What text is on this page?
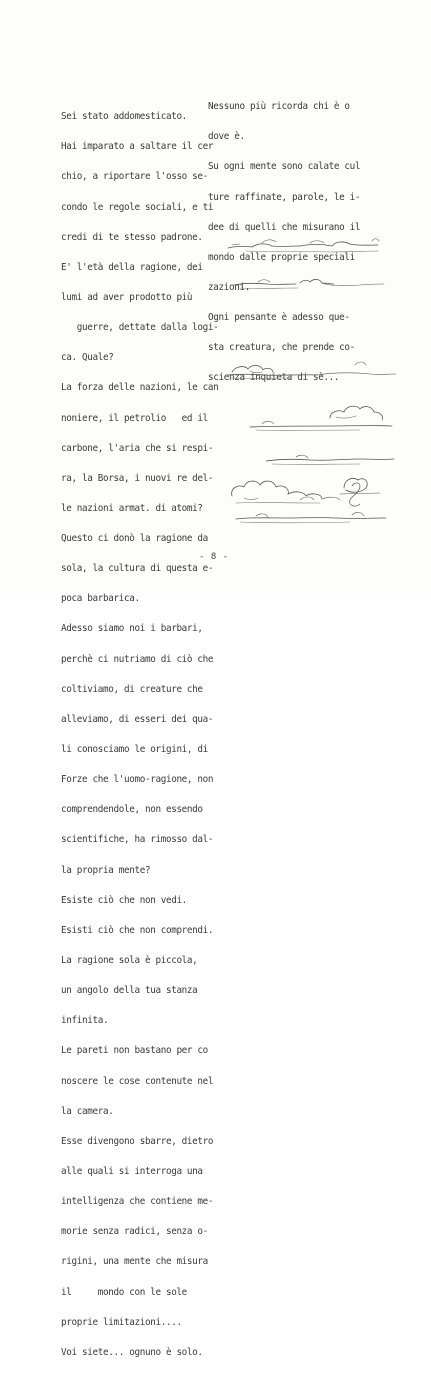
Sei stato addomesticato.

Hai imparato a saltare il cer

chio, a riportare l'osso se-

condo le regole sociali, e ti

credi di te stesso padrone.

E' l'età della ragione, dei

lumi ad aver prodotto più

guerre, dettate dalla logi-

ca. Quale?

La forza delle nazioni, le can

noniere, il petrolio   ed il

carbone, l'aria che si respi-

ra, la Borsa, i nuovi re del-

le nazioni armat. di atomi?

Questo ci donò la ragione da

sola, la cultura di questa e-

poca barbarica.

Adesso siamo noi i barbari,

perchè ci nutriamo di ciò che

coltiviamo, di creature che

alleviamo, di esseri dei qua-

li conosciamo le origini, di

Forze che l'uomo-ragione, non

comprendendole, non essendo

scientifiche, ha rimosso dal-

la propria mente?

Esiste ciò che non vedi.

Esisti ciò che non comprendi.

La ragione sola è piccola,

un angolo della tua stanza

infinita.

Le pareti non bastano per co

noscere le cose contenute nel

la camera.

Esse divengono sbarre, dietro

alle quali si interroga una

intelligenza che contiene me-

morie senza radici, senza o-

rigini, una mente che misura

il     mondo con le sole

proprie limitazioni....

Voi siete... ognuno è solo.

Nessuno più ricorda chi è o

dove è.

Su ogni mente sono calate cul

ture raffinate, parole, le i-

dee di quelli che misurano il

mondo dalle proprie speciali

zazioni.

Ogni pensante è adesso que-

sta creatura, che prende co-

scienza inquieta di sè...

- 8 -
